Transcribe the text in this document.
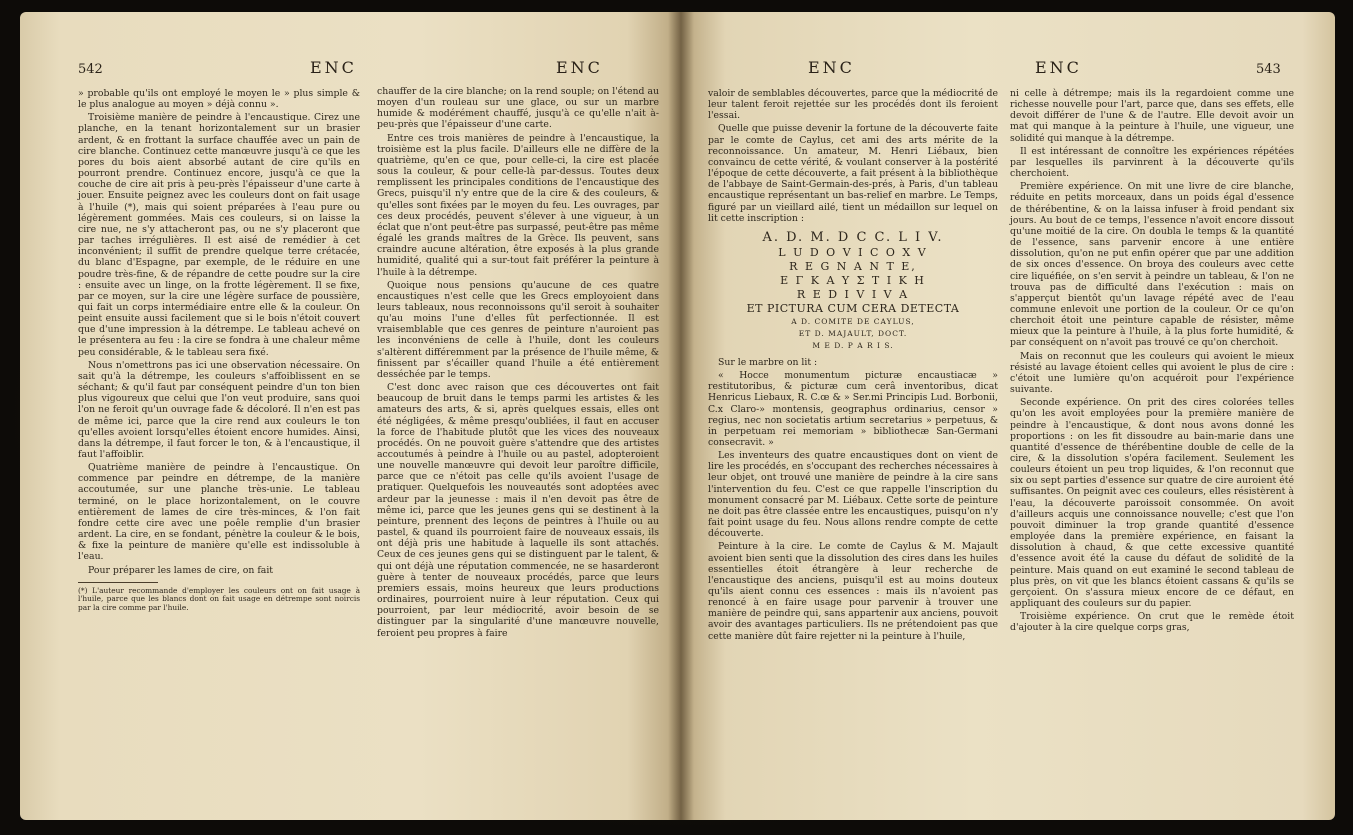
542	ENC	ENC

» probable qu'ils ont employé le moyen le » plus simple & le plus analogue au moyen » déjà connu ».

Troisième manière de peindre à l'encaustique. Cirez une planche, en la tenant horizontalement sur un brasier ardent, & en frottant la surface chauffée avec un pain de cire blanche. Continuez cette manœuvre jusqu'à ce que les pores du bois aient absorbé autant de cire qu'ils en pourront prendre. Continuez encore, jusqu'à ce que la couche de cire ait pris à peu-près l'épaisseur d'une carte à jouer. Ensuite peignez avec les couleurs dont on fait usage à l'huile (*), mais qui soient préparées à l'eau pure ou légèrement gommées. Mais ces couleurs, si on laisse la cire nue, ne s'y attacheront pas, ou ne s'y placeront que par taches irrégulières. Il est aisé de remédier à cet inconvénient; il suffit de prendre quelque terre crétacée, du blanc d'Espagne, par exemple, de le réduire en une poudre très-fine, & de répandre de cette poudre sur la cire : ensuite avec un linge, on la frotte légèrement. Il se fixe, par ce moyen, sur la cire une légère surface de poussière, qui fait un corps intermédiaire entre elle & la couleur. On peint ensuite aussi facilement que si le bois n'étoit couvert que d'une impression à la détrempe. Le tableau achevé on le présentera au feu : la cire se fondra à une chaleur même peu considérable, & le tableau sera fixé.

Nous n'omettrons pas ici une observation nécessaire. On sait qu'à la détrempe, les couleurs s'affoiblissent en se séchant; & qu'il faut par conséquent peindre d'un ton bien plus vigoureux que celui que l'on veut produire, sans quoi l'on ne feroit qu'un ouvrage fade & décoloré. Il n'en est pas de même ici, parce que la cire rend aux couleurs le ton qu'elles avoient lorsqu'elles étoient encore humides. Ainsi, dans la détrempe, il faut forcer le ton, & à l'encaustique, il faut l'affoiblir.

Quatrième manière de peindre à l'encaustique. On commence par peindre en détrempe, de la manière accoutumée, sur une planche très-unie. Le tableau terminé, on le place horizontalement, on le couvre entièrement de lames de cire très-minces, & l'on fait fondre cette cire avec une poêle remplie d'un brasier ardent. La cire, en se fondant, pénètre la couleur & le bois, & fixe la peinture de manière qu'elle est indissoluble à l'eau.

Pour préparer les lames de cire, on fait

(*) L'auteur recommande d'employer les couleurs ont on fait usage à l'huile, parce que les blancs dont on fait usage en détrempe sont noircis par la cire comme par l'huile.

chauffer de la cire blanche; on la rend souple; on l'étend au moyen d'un rouleau sur une glace, ou sur un marbre humide & modérément chauffé, jusqu'à ce qu'elle n'ait à-peu-près que l'épaisseur d'une carte.

Entre ces trois manières de peindre à l'encaustique, la troisième est la plus facile. D'ailleurs elle ne diffère de la quatrième, qu'en ce que, pour celle-ci, la cire est placée sous la couleur, & pour celle-là par-dessus. Toutes deux remplissent les principales conditions de l'encaustique des Grecs, puisqu'il n'y entre que de la cire & des couleurs, & qu'elles sont fixées par le moyen du feu. Les ouvrages, par ces deux procédés, peuvent s'élever à une vigueur, à un éclat que n'ont peut-être pas surpassé, peut-être pas même égalé les grands maîtres de la Grèce. Ils peuvent, sans craindre aucune altération, être exposés à la plus grande humidité, qualité qui a sur-tout fait préférer la peinture à l'huile à la détrempe.

Quoique nous pensions qu'aucune de ces quatre encaustiques n'est celle que les Grecs employoient dans leurs tableaux, nous reconnoissons qu'il seroit à souhaiter qu'au moins l'une d'elles fût perfectionnée. Il est vraisemblable que ces genres de peinture n'auroient pas les inconvéniens de celle à l'huile, dont les couleurs s'altèrent différemment par la présence de l'huile même, & finissent par s'écailler quand l'huile a été entièrement desséchée par le temps.

C'est donc avec raison que ces découvertes ont fait beaucoup de bruit dans le temps parmi les artistes & les amateurs des arts, & si, après quelques essais, elles ont été négligées, & même presqu'oubliées, il faut en accuser la force de l'habitude plutôt que les vices des nouveaux procédés. On ne pouvoit guère s'attendre que des artistes accoutumés à peindre à l'huile ou au pastel, adopteroient une nouvelle manœuvre qui devoit leur paroître difficile, parce que ce n'étoit pas celle qu'ils avoient l'usage de pratiquer. Quelquefois les nouveautés sont adoptées avec ardeur par la jeunesse : mais il n'en devoit pas être de même ici, parce que les jeunes gens qui se destinent à la peinture, prennent des leçons de peintres à l'huile ou au pastel, & quand ils pourroient faire de nouveaux essais, ils ont déjà pris une habitude à laquelle ils sont attachés. Ceux de ces jeunes gens qui se distinguent par le talent, & qui ont déjà une réputation commencée, ne se hasarderont guère à tenter de nouveaux procédés, parce que leurs premiers essais, moins heureux que leurs productions ordinaires, pourroient nuire à leur réputation. Ceux qui pourroient, par leur médiocrité, avoir besoin de se distinguer par la singularité d'une manœuvre nouvelle, feroient peu propres à faire

ENC	ENC	543

valoir de semblables découvertes, parce que la médiocrité de leur talent feroit rejettée sur les procédés dont ils feroient l'essai.

Quelle que puisse devenir la fortune de la découverte faite par le comte de Caylus, cet ami des arts mérite de la reconnoissance. Un amateur, M. Henri Liébaux, bien convaincu de cette vérité, & voulant conserver à la postérité l'époque de cette découverte, a fait présent à la bibliothèque de l'abbaye de Saint-Germain-des-prés, à Paris, d'un tableau encaustique représentant un bas-relief en marbre. Le Temps, figuré par un vieillard ailé, tient un médaillon sur lequel on lit cette inscription :

A. D. M. D C C. L I V.
L U D O V I C O X V
R E G N A N T E,
E Γ K A Y Σ T I K H
R E D I V I V A
ET PICTURA CUM CERA DETECTA
A D. COMITE DE CAYLUS,
ET D. MAJAULT, DOCT.
M E D. P A R I S.

Sur le marbre on lit :

« Hocce monumentum picturæ encaustiacæ » restitutoribus, & picturæ cum cerâ inventoribus, dicat Henricus Liebaux, R. C.œ & » Ser.mi Principis Lud. Borbonii, C.x Claro-» montensis, geographus ordinarius, censor » regius, nec non societatis artium secretarius » perpetuus, & in perpetuam rei memoriam » bibliothecæ San-Germani consecravit. »

Les inventeurs des quatre encaustiques dont on vient de lire les procédés, en s'occupant des recherches nécessaires à leur objet, ont trouvé une manière de peindre à la cire sans l'intervention du feu. C'est ce que rappelle l'inscription du monument consacré par M. Liébaux. Cette sorte de peinture ne doit pas être classée entre les encaustiques, puisqu'on n'y fait point usage du feu. Nous allons rendre compte de cette découverte.

Peinture à la cire. Le comte de Caylus & M. Majault avoient bien senti que la dissolution des cires dans les huiles essentielles étoit étrangère à leur recherche de l'encaustique des anciens, puisqu'il est au moins douteux qu'ils aient connu ces essences : mais ils n'avoient pas renoncé à en faire usage pour parvenir à trouver une manière de peindre qui, sans appartenir aux anciens, pouvoit avoir des avantages particuliers. Ils ne prétendoient pas que cette manière dût faire rejetter ni la peinture à l'huile,

ni celle à détrempe; mais ils la regardoient comme une richesse nouvelle pour l'art, parce que, dans ses effets, elle devoit différer de l'une & de l'autre. Elle devoit avoir un mat qui manque à la peinture à l'huile, une vigueur, une solidité qui manque à la détrempe.

Il est intéressant de connoître les expériences répétées par lesquelles ils parvinrent à la découverte qu'ils cherchoient.

Première expérience. On mit une livre de cire blanche, réduite en petits morceaux, dans un poids égal d'essence de thérébentine, & on la laissa infuser à froid pendant six jours. Au bout de ce temps, l'essence n'avoit encore dissout qu'une moitié de la cire. On doubla le temps & la quantité de l'essence, sans parvenir encore à une entière dissolution, qu'on ne put enfin opérer que par une addition de six onces d'essence. On broya des couleurs avec cette cire liquéfiée, on s'en servit à peindre un tableau, & l'on ne trouva pas de difficulté dans l'exécution : mais on s'apperçut bientôt qu'un lavage répété avec de l'eau commune enlevoit une portion de la couleur. Or ce qu'on cherchoit étoit une peinture capable de résister, même mieux que la peinture à l'huile, à la plus forte humidité, & par conséquent on n'avoit pas trouvé ce qu'on cherchoit.

Mais on reconnut que les couleurs qui avoient le mieux résisté au lavage étoient celles qui avoient le plus de cire : c'étoit une lumière qu'on acquéroit pour l'expérience suivante.

Seconde expérience. On prit des cires colorées telles qu'on les avoit employées pour la première manière de peindre à l'encaustique, & dont nous avons donné les proportions : on les fit dissoudre au bain-marie dans une quantité d'essence de thérébentine double de celle de la cire, & la dissolution s'opéra facilement. Seulement les couleurs étoient un peu trop liquides, & l'on reconnut que six ou sept parties d'essence sur quatre de cire auroient été suffisantes. On peignit avec ces couleurs, elles résistèrent à l'eau, la découverte paroissoit consommée. On avoit d'ailleurs acquis une connoissance nouvelle; c'est que l'on pouvoit diminuer la trop grande quantité d'essence employée dans la première expérience, en faisant la dissolution à chaud, & que cette excessive quantité d'essence avoit été la cause du défaut de solidité de la peinture. Mais quand on eut examiné le second tableau de plus près, on vit que les blancs étoient cassans & qu'ils se gerçoient. On s'assura mieux encore de ce défaut, en appliquant des couleurs sur du papier.

Troisième expérience. On crut que le remède étoit d'ajouter à la cire quelque corps gras,
